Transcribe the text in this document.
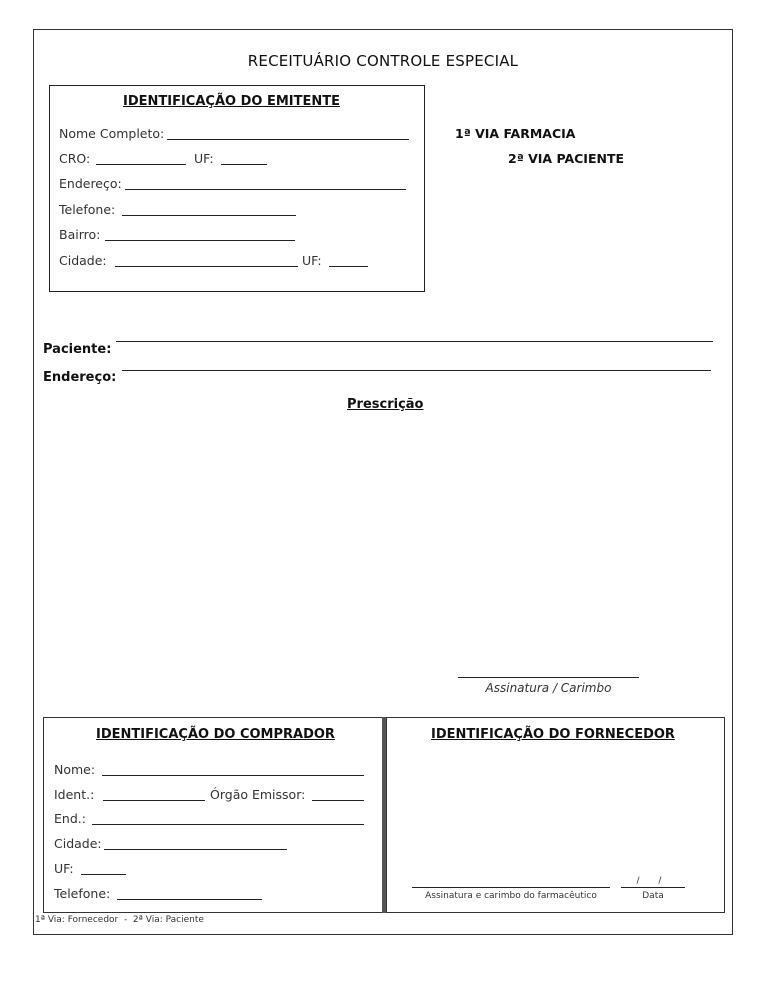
RECEITUÁRIO CONTROLE ESPECIAL
IDENTIFICAÇÃO DO EMITENTE
Nome Completo:
CRO:	UF:
Endereço:
Telefone:
Bairro:
Cidade:	UF:
1ª VIA FARMACIA
2ª VIA PACIENTE
Paciente:
Endereço:
Prescrição
Assinatura / Carimbo
IDENTIFICAÇÃO DO COMPRADOR
Nome:
Ident.:	Órgão Emissor:
End.:
Cidade:
UF:
Telefone:
IDENTIFICAÇÃO DO FORNECEDOR
Assinatura e carimbo do farmacêutico
/ /
Data
1ª Via: Fornecedor  -  2ª Via: Paciente
